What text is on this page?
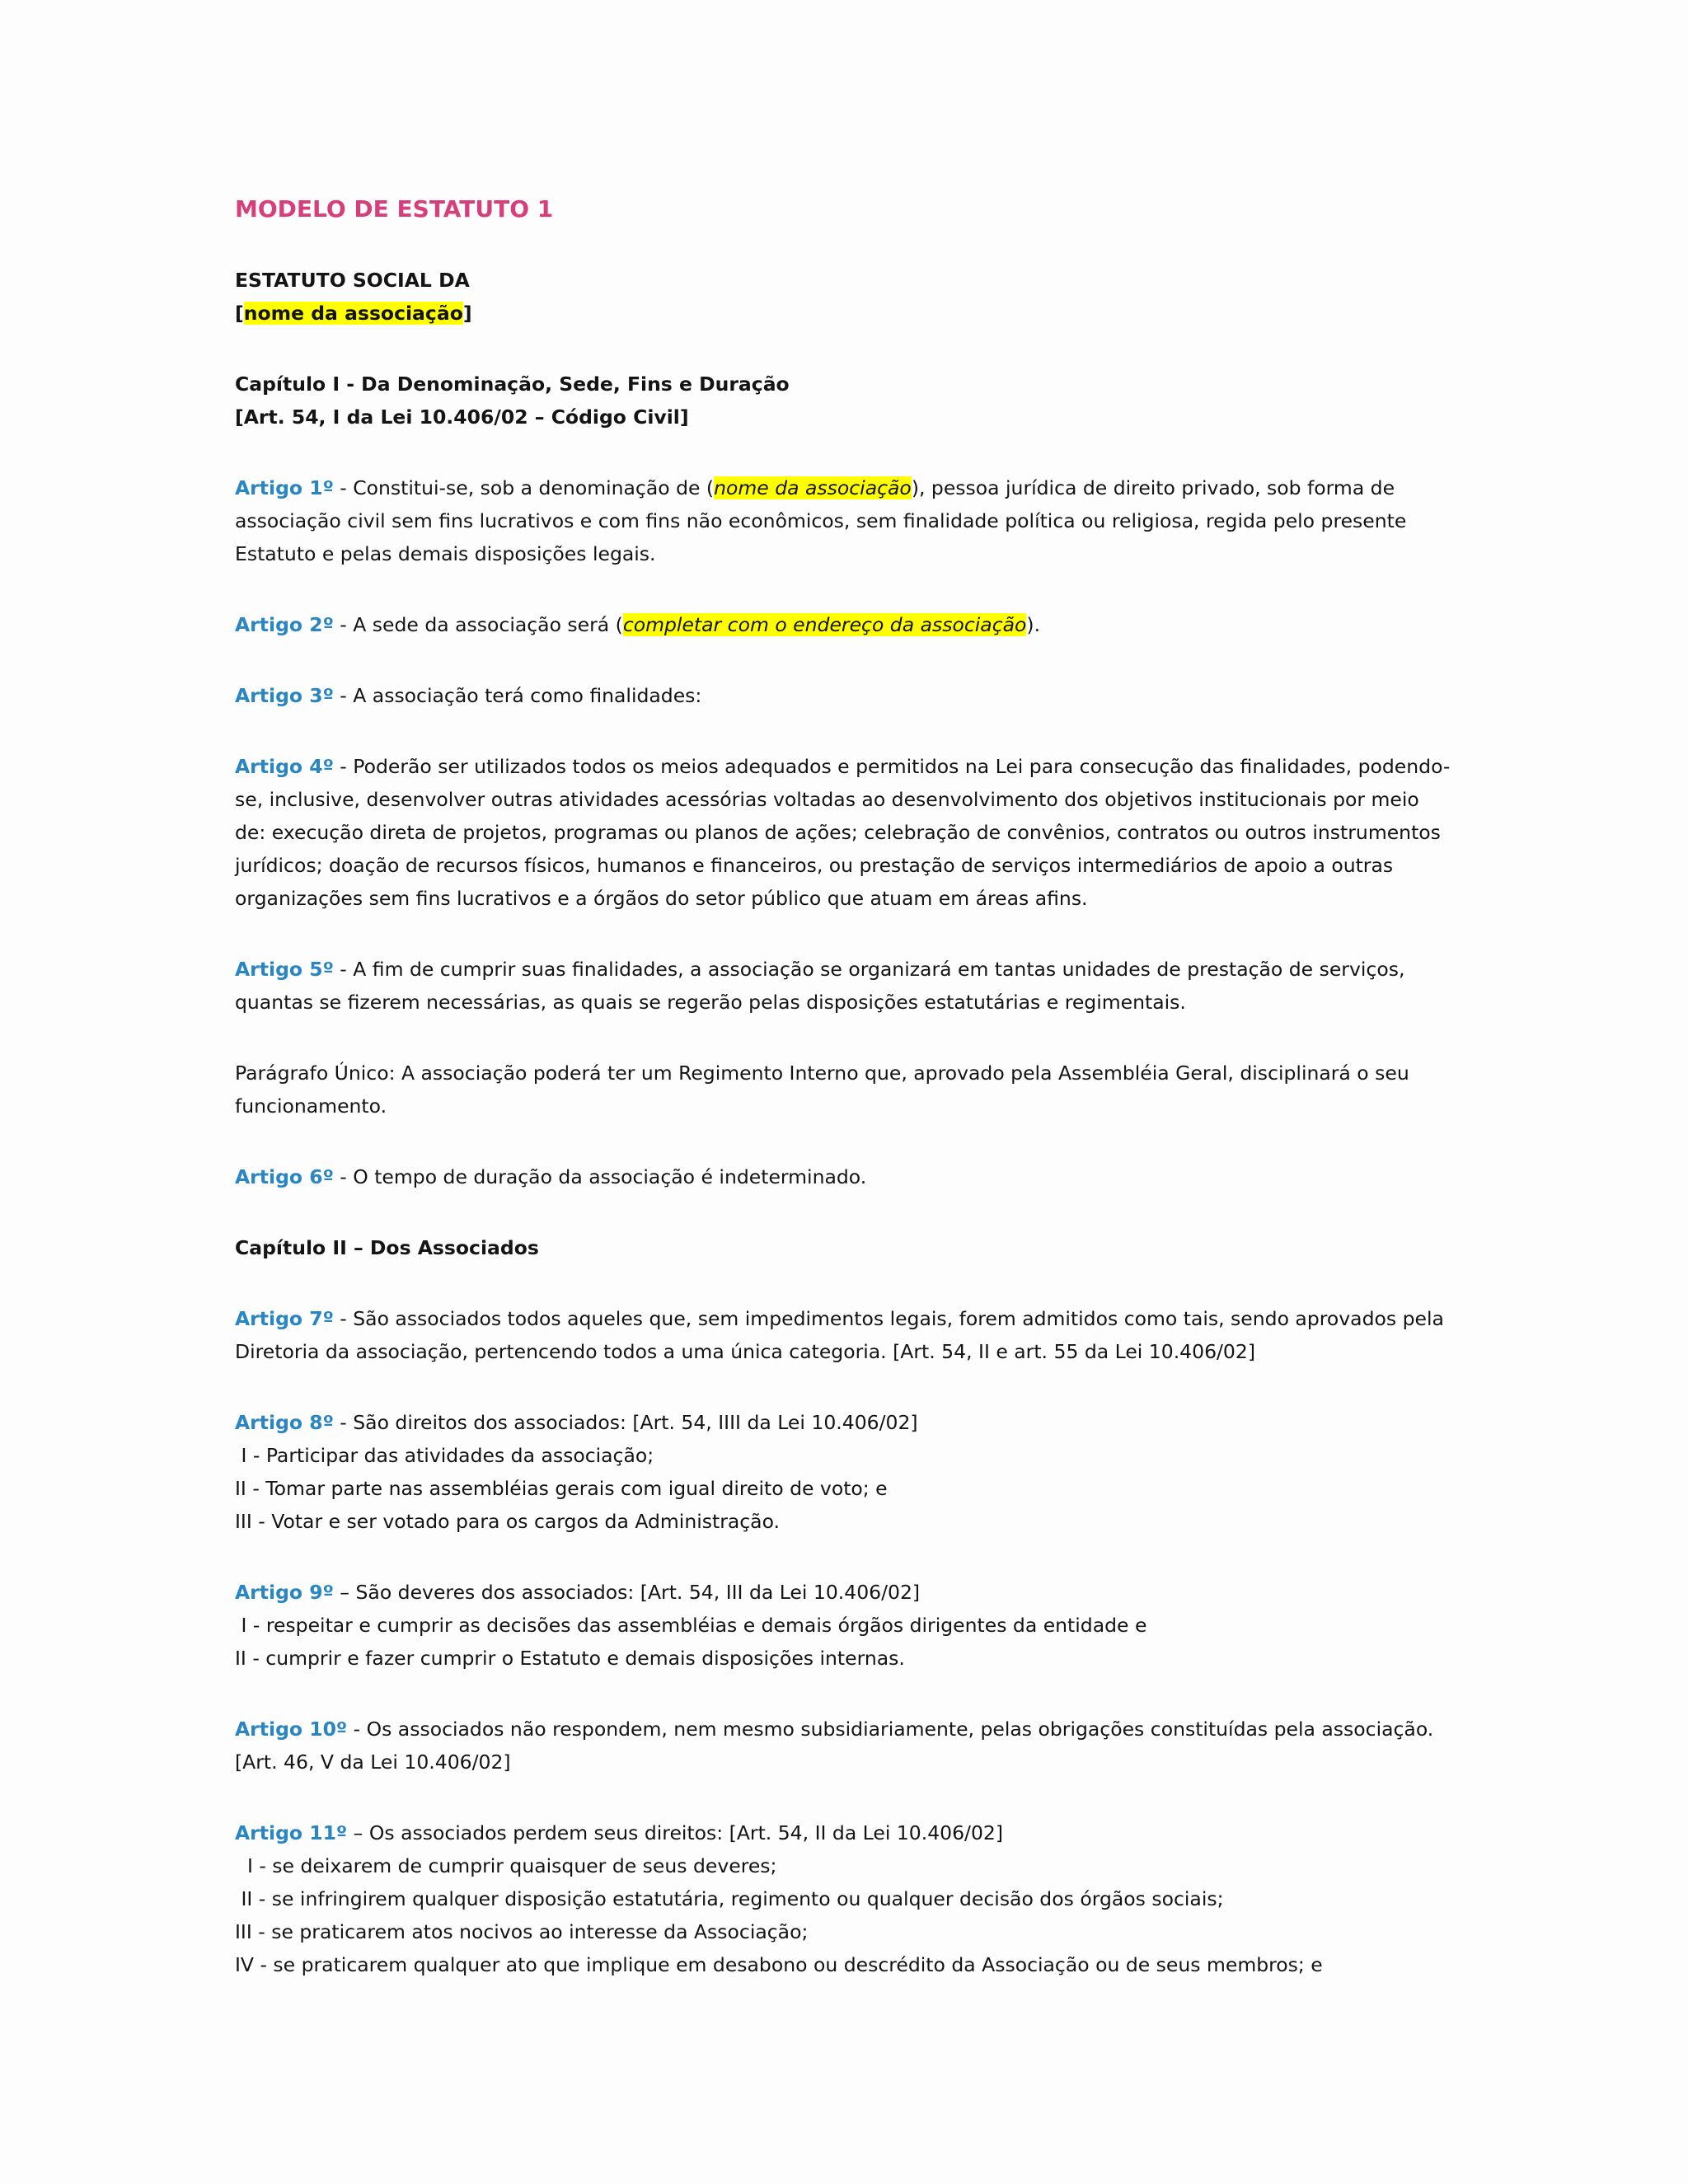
MODELO DE ESTATUTO 1

ESTATUTO SOCIAL DA
[nome da associação]

Capítulo I - Da Denominação, Sede, Fins e Duração
[Art. 54, I da Lei 10.406/02 – Código Civil]

Artigo 1º - Constitui-se, sob a denominação de (nome da associação), pessoa jurídica de direito privado, sob forma de associação civil sem fins lucrativos e com fins não econômicos, sem finalidade política ou religiosa, regida pelo presente Estatuto e pelas demais disposições legais.

Artigo 2º - A sede da associação será (completar com o endereço da associação).

Artigo 3º - A associação terá como finalidades:

Artigo 4º - Poderão ser utilizados todos os meios adequados e permitidos na Lei para consecução das finalidades, podendo-se, inclusive, desenvolver outras atividades acessórias voltadas ao desenvolvimento dos objetivos institucionais por meio de: execução direta de projetos, programas ou planos de ações; celebração de convênios, contratos ou outros instrumentos jurídicos; doação de recursos físicos, humanos e financeiros, ou prestação de serviços intermediários de apoio a outras organizações sem fins lucrativos e a órgãos do setor público que atuam em áreas afins.

Artigo 5º - A fim de cumprir suas finalidades, a associação se organizará em tantas unidades de prestação de serviços, quantas se fizerem necessárias, as quais se regerão pelas disposições estatutárias e regimentais.

Parágrafo Único: A associação poderá ter um Regimento Interno que, aprovado pela Assembléia Geral, disciplinará o seu funcionamento.

Artigo 6º - O tempo de duração da associação é indeterminado.

Capítulo II – Dos Associados

Artigo 7º - São associados todos aqueles que, sem impedimentos legais, forem admitidos como tais, sendo aprovados pela Diretoria da associação, pertencendo todos a uma única categoria. [Art. 54, II e art. 55 da Lei 10.406/02]

Artigo 8º - São direitos dos associados: [Art. 54, IIII da Lei 10.406/02]
I - Participar das atividades da associação;
II - Tomar parte nas assembléias gerais com igual direito de voto; e
III - Votar e ser votado para os cargos da Administração.
Artigo 9º – São deveres dos associados: [Art. 54, III da Lei 10.406/02]
I - respeitar e cumprir as decisões das assembléias e demais órgãos dirigentes da entidade e
II - cumprir e fazer cumprir o Estatuto e demais disposições internas.

Artigo 10º - Os associados não respondem, nem mesmo subsidiariamente, pelas obrigações constituídas pela associação. [Art. 46, V da Lei 10.406/02]

Artigo 11º – Os associados perdem seus direitos: [Art. 54, II da Lei 10.406/02]
I - se deixarem de cumprir quaisquer de seus deveres;
II - se infringirem qualquer disposição estatutária, regimento ou qualquer decisão dos órgãos sociais;
III - se praticarem atos nocivos ao interesse da Associação;
IV - se praticarem qualquer ato que implique em desabono ou descrédito da Associação ou de seus membros; e
